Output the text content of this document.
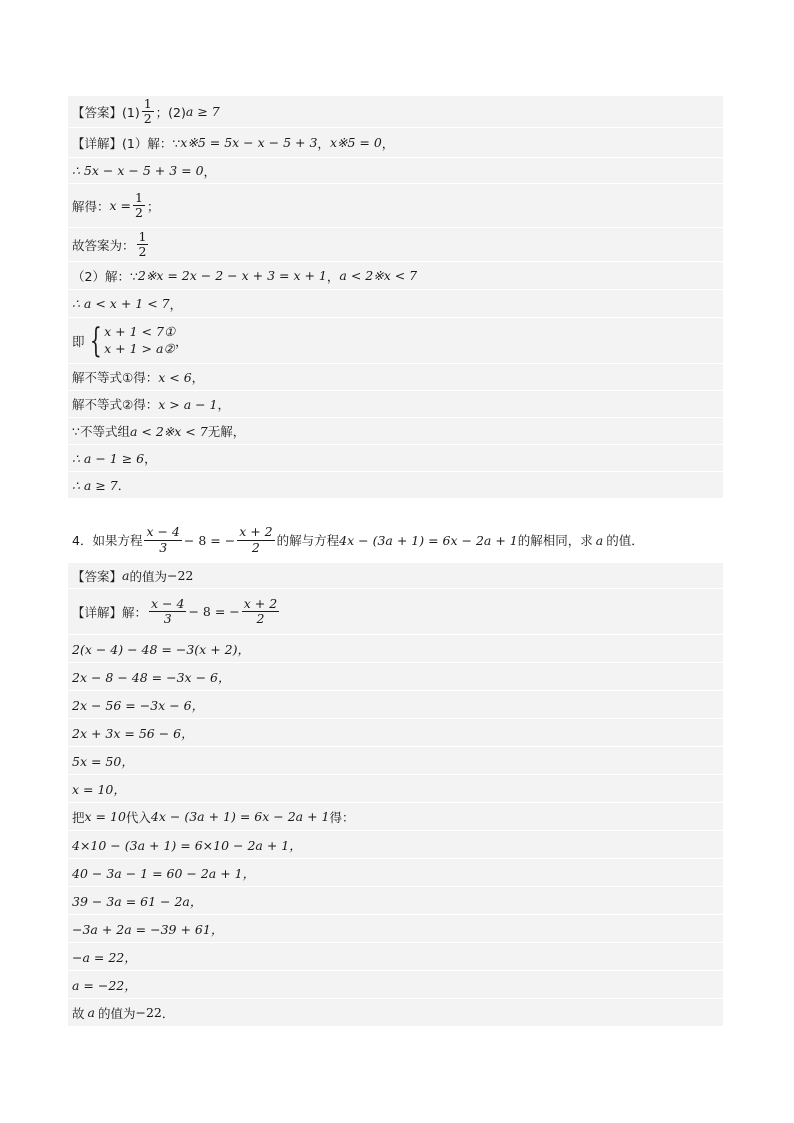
【答案】$(1) \frac{1}{2}$ ；(2) a ≥ 7
【详解】(1）解：∵ x※5 = 5x − x − 5 + 3 ， x※5 = 0 ，
∴ 5x − x − 5 + 3 = 0 ，
解得： $x = \frac{1}{2}$ ；
故答案为： $\frac{1}{2}$
（2）解：∵ 2※x = 2x − 2 − x + 3 = x + 1 ， a < 2※x < 7
∴ a < x + 1 < 7 ，
即 { x + 1 < 7①
x + 1 > a② ，
解不等式①得： x < 6 ，
解不等式②得： x > a − 1 ，
∵不等式组 a < 2※x < 7 无解，
∴ a − 1 ≥ 6 ，
∴ a ≥ 7 ．
4．如果方程 $\frac{x - 4}{3} - 8$ = − $\frac{x + 2}{2}$ 的解与方程 4x − (3a + 1) = 6x − 2a + 1 的解相同，求 a 的值．
【答案】 a 的值为 −22
【详解】解： $\frac{x - 4}{3} - 8$ = − $\frac{x + 2}{2}$
2(x − 4) − 48 = −3(x + 2)，
2x − 8 − 48 = −3x − 6，
2x − 56 = −3x − 6，
2x + 3x = 56 − 6，
5x = 50，
x = 10，
把 x = 10 代入 4x − (3a + 1) = 6x − 2a + 1 得：
4×10 − (3a + 1) = 6×10 − 2a + 1，
40 − 3a − 1 = 60 − 2a + 1，
39 − 3a = 61 − 2a，
−3a + 2a = −39 + 61，
−a = 22，
a = −22，
故 a 的值为 −22 ．
